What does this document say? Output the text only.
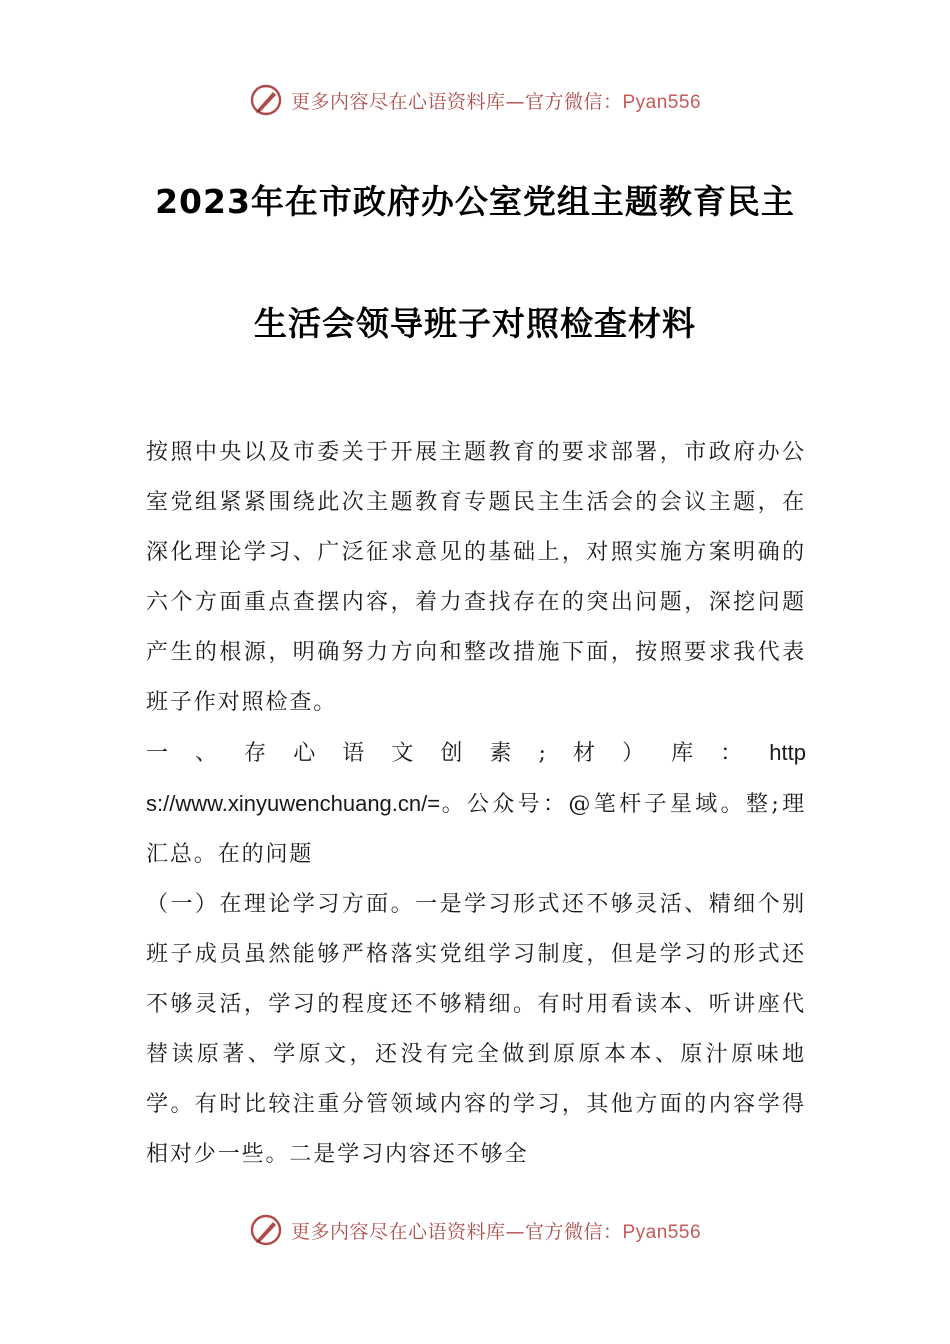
更多内容尽在心语资料库—官方微信：Pyan556
2023年在市政府办公室党组主题教育民主
生活会领导班子对照检查材料

按照中央以及市委关于开展主题教育的要求部署，市政府办公室党组紧紧围绕此次主题教育专题民主生活会的会议主题，在深化理论学习、广泛征求意见的基础上，对照实施方案明确的六个方面重点查摆内容，着力查找存在的突出问题，深挖问题产生的根源，明确努力方向和整改措施下面，按照要求我代表班子作对照检查。

一、存心语文创素;材）库：https://www.xinyuwenchuang.cn/=。公众号：@笔杆子星域。整;理汇总。在的问题

（一）在理论学习方面。一是学习形式还不够灵活、精细个别班子成员虽然能够严格落实党组学习制度，但是学习的形式还不够灵活，学习的程度还不够精细。有时用看读本、听讲座代替读原著、学原文，还没有完全做到原原本本、原汁原味地学。有时比较注重分管领域内容的学习，其他方面的内容学得相对少一些。二是学习内容还不够全

更多内容尽在心语资料库—官方微信：Pyan556
